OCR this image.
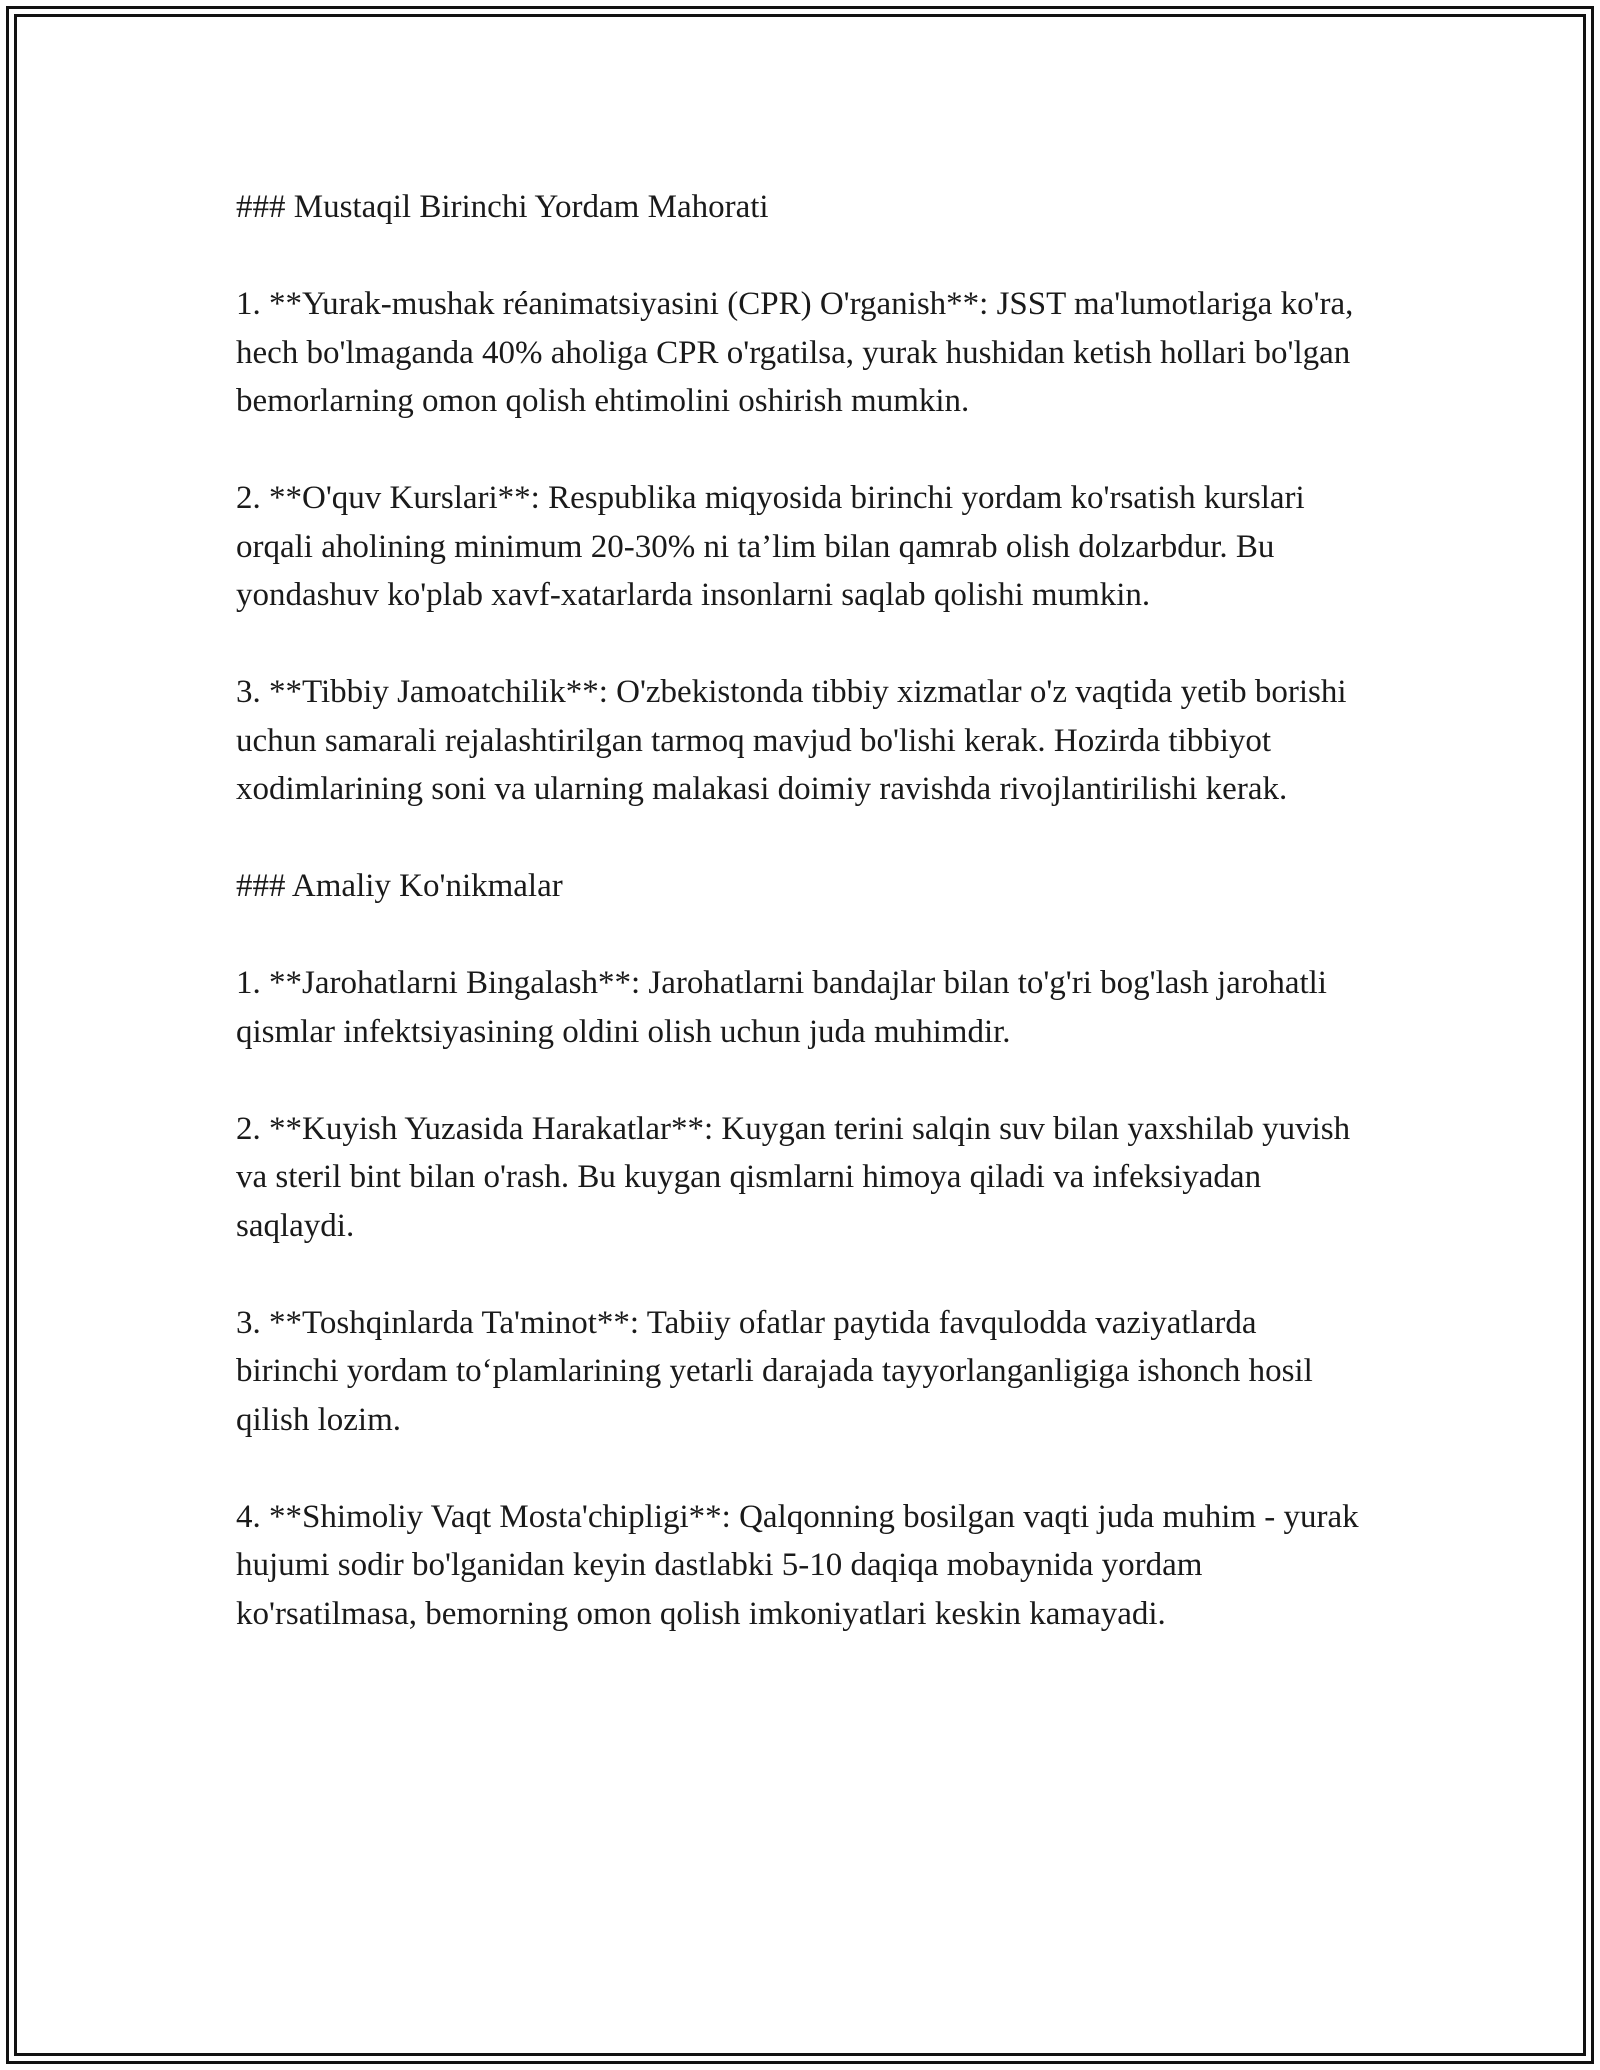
### Mustaqil Birinchi Yordam Mahorati

1. **Yurak-mushak réanimatsiyasini (CPR) O'rganish**: JSST ma'lumotlariga ko'ra, hech bo'lmaganda 40% aholiga CPR o'rgatilsa, yurak hushidan ketish hollari bo'lgan bemorlarning omon qolish ehtimolini oshirish mumkin.

2. **O'quv Kurslari**: Respublika miqyosida birinchi yordam ko'rsatish kurslari orqali aholining minimum 20-30% ni ta’lim bilan qamrab olish dolzarbdur. Bu yondashuv ko'plab xavf-xatarlarda insonlarni saqlab qolishi mumkin.

3. **Tibbiy Jamoatchilik**: O'zbekistonda tibbiy xizmatlar o'z vaqtida yetib borishi uchun samarali rejalashtirilgan tarmoq mavjud bo'lishi kerak. Hozirda tibbiyot xodimlarining soni va ularning malakasi doimiy ravishda rivojlantirilishi kerak.

### Amaliy Ko'nikmalar

1. **Jarohatlarni Bingalash**: Jarohatlarni bandajlar bilan to'g'ri bog'lash jarohatli qismlar infektsiyasining oldini olish uchun juda muhimdir.

2. **Kuyish Yuzasida Harakatlar**: Kuygan terini salqin suv bilan yaxshilab yuvish va steril bint bilan o'rash. Bu kuygan qismlarni himoya qiladi va infeksiyadan saqlaydi.

3. **Toshqinlarda Ta'minot**: Tabiiy ofatlar paytida favqulodda vaziyatlarda birinchi yordam to‘plamlarining yetarli darajada tayyorlanganligiga ishonch hosil qilish lozim.

4. **Shimoliy Vaqt Mosta'chipligi**: Qalqonning bosilgan vaqti juda muhim - yurak hujumi sodir bo'lganidan keyin dastlabki 5-10 daqiqa mobaynida yordam ko'rsatilmasa, bemorning omon qolish imkoniyatlari keskin kamayadi.
